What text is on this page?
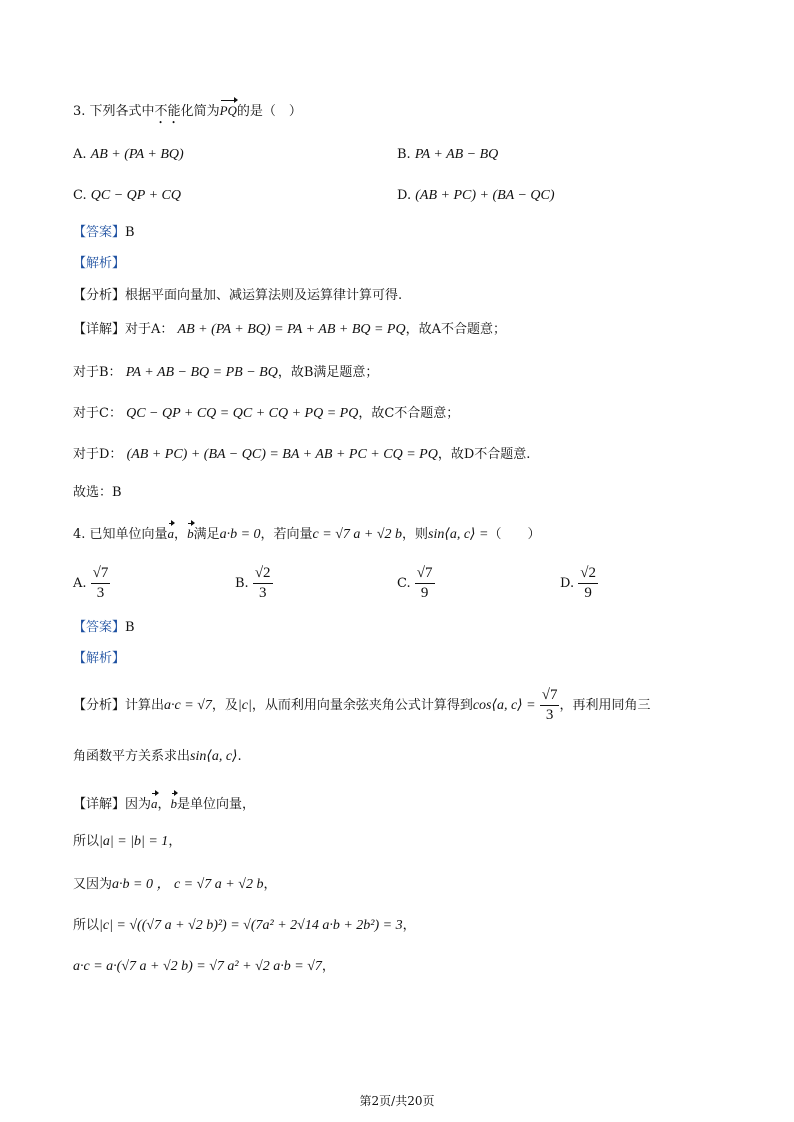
3. 下列各式中不能化简为PQ的是（　）
A. AB + (PA + BQ)	B. PA + AB − BQ
C. QC − QP + CQ	D. (AB + PC) + (BA − QC)
【答案】B
【解析】
【分析】根据平面向量加、减运算法则及运算律计算可得.
【详解】对于A： AB + (PA + BQ) = PA + AB + BQ = PQ，故A不合题意；
对于B： PA + AB − BQ = PB − BQ，故B满足题意；
对于C： QC − QP + CQ = QC + CQ + PQ = PQ，故C不合题意；
对于D： (AB + PC) + (BA − QC) = BA + AB + PC + CQ = PQ，故D不合题意.
故选：B
4. 已知单位向量a，b满足a·b = 0，若向量c = √7 a + √2 b，则sin⟨a, c⟩ =（　　）
A. $\frac{√7}{3}$	B. $\frac{√2}{3}$	C. $\frac{√7}{9}$	D. $\frac{√2}{9}$
【答案】B
【解析】
【分析】计算出a·c = √7，及|c|，从而利用向量余弦夹角公式计算得到cos⟨a, c⟩ = $\frac{√7}{3}$ ，再利用同角三
角函数平方关系求出sin⟨a, c⟩.
【详解】因为a，b是单位向量，
所以|a| = |b| = 1，
又因为a·b = 0 ， c = √7 a + √2 b，
所以|c| = √((√7 a + √2 b)²) = √(7a² + 2√14 a·b + 2b²) = 3，
a·c = a·(√7 a + √2 b) = √7 a² + √2 a·b = √7，
第2页/共20页
